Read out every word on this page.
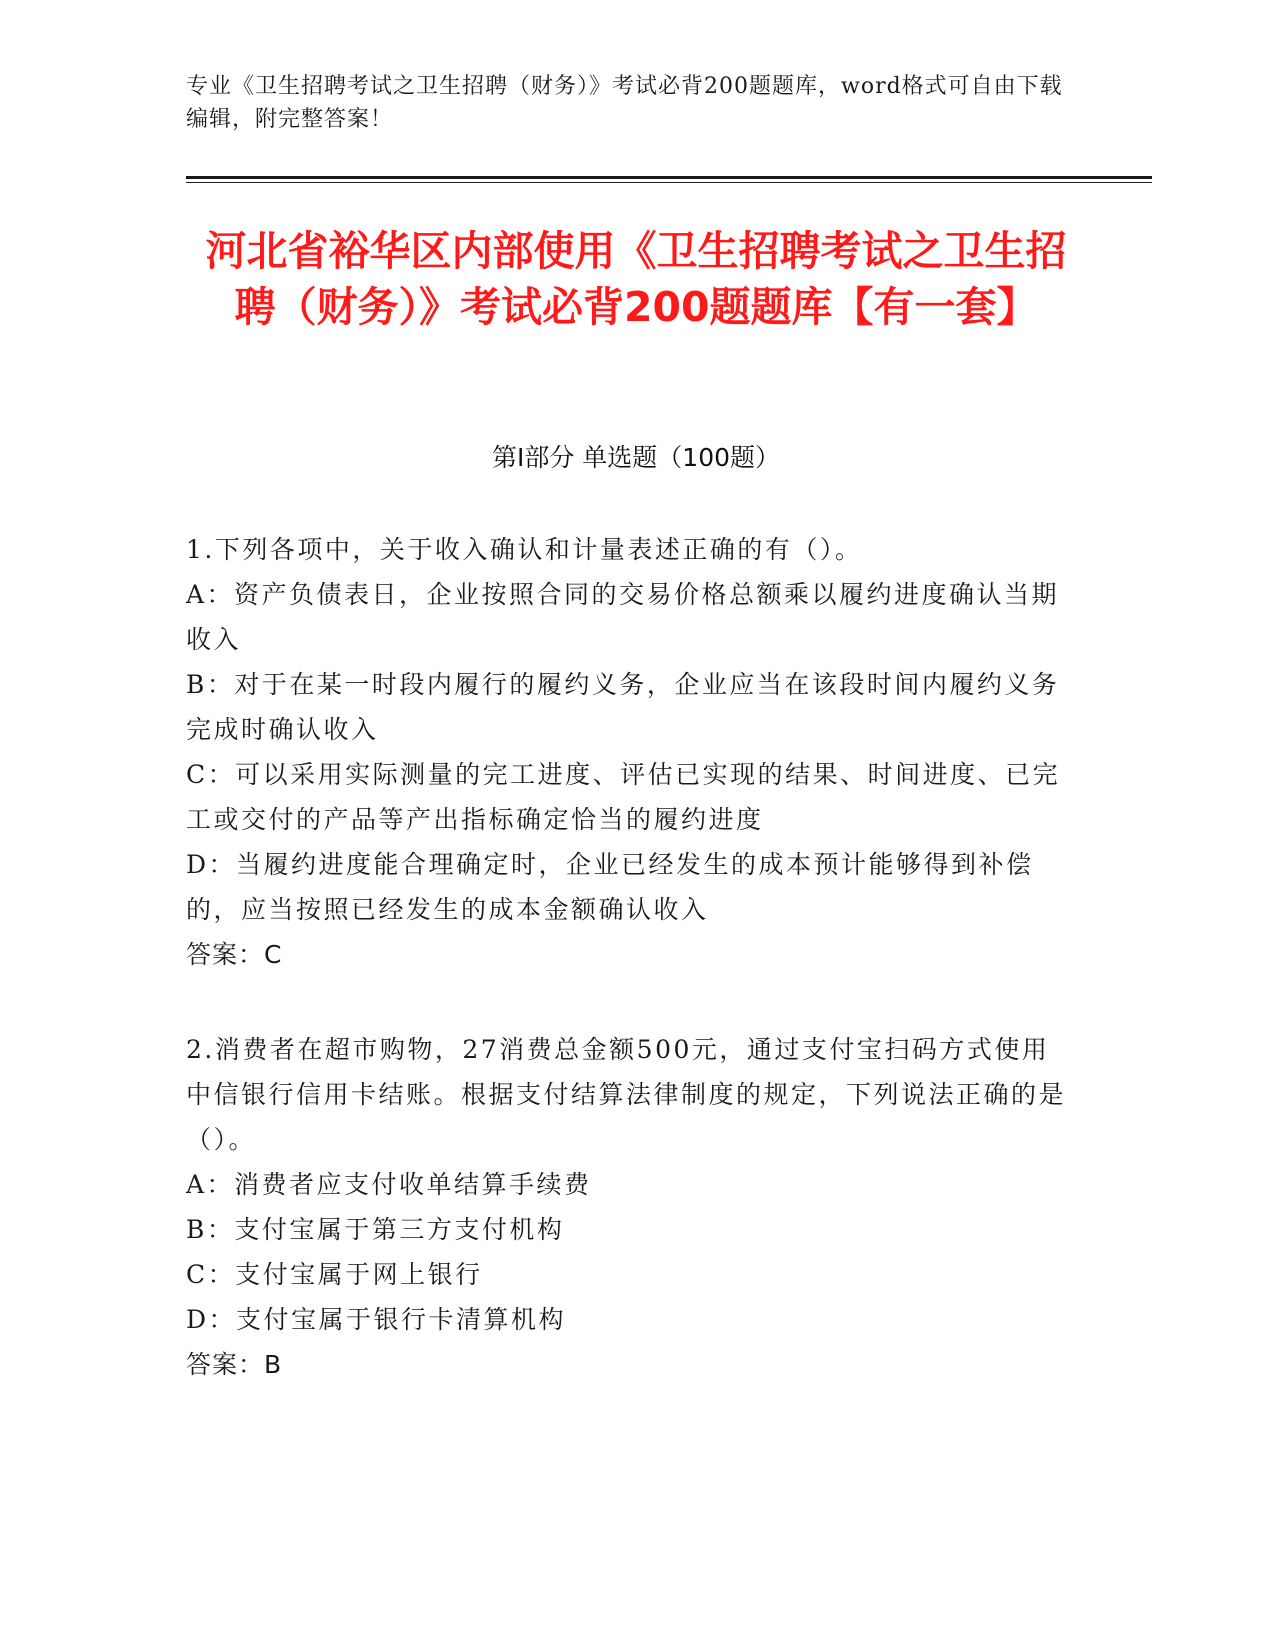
专业《卫生招聘考试之卫生招聘（财务）》考试必背200题题库，word格式可自由下载编辑，附完整答案！
河北省裕华区内部使用《卫生招聘考试之卫生招聘（财务）》考试必背200题题库【有一套】
第Ⅰ部分 单选题（100题）

1.下列各项中，关于收入确认和计量表述正确的有（）。

A：资产负债表日，企业按照合同的交易价格总额乘以履约进度确认当期收入

B：对于在某一时段内履行的履约义务，企业应当在该段时间内履约义务完成时确认收入

C：可以采用实际测量的完工进度、评估已实现的结果、时间进度、已完工或交付的产品等产出指标确定恰当的履约进度

D：当履约进度能合理确定时，企业已经发生的成本预计能够得到补偿的，应当按照已经发生的成本金额确认收入

答案：C

2.消费者在超市购物，27消费总金额500元，通过支付宝扫码方式使用中信银行信用卡结账。根据支付结算法律制度的规定，下列说法正确的是（）。

A：消费者应支付收单结算手续费

B：支付宝属于第三方支付机构

C：支付宝属于网上银行

D：支付宝属于银行卡清算机构

答案：B
